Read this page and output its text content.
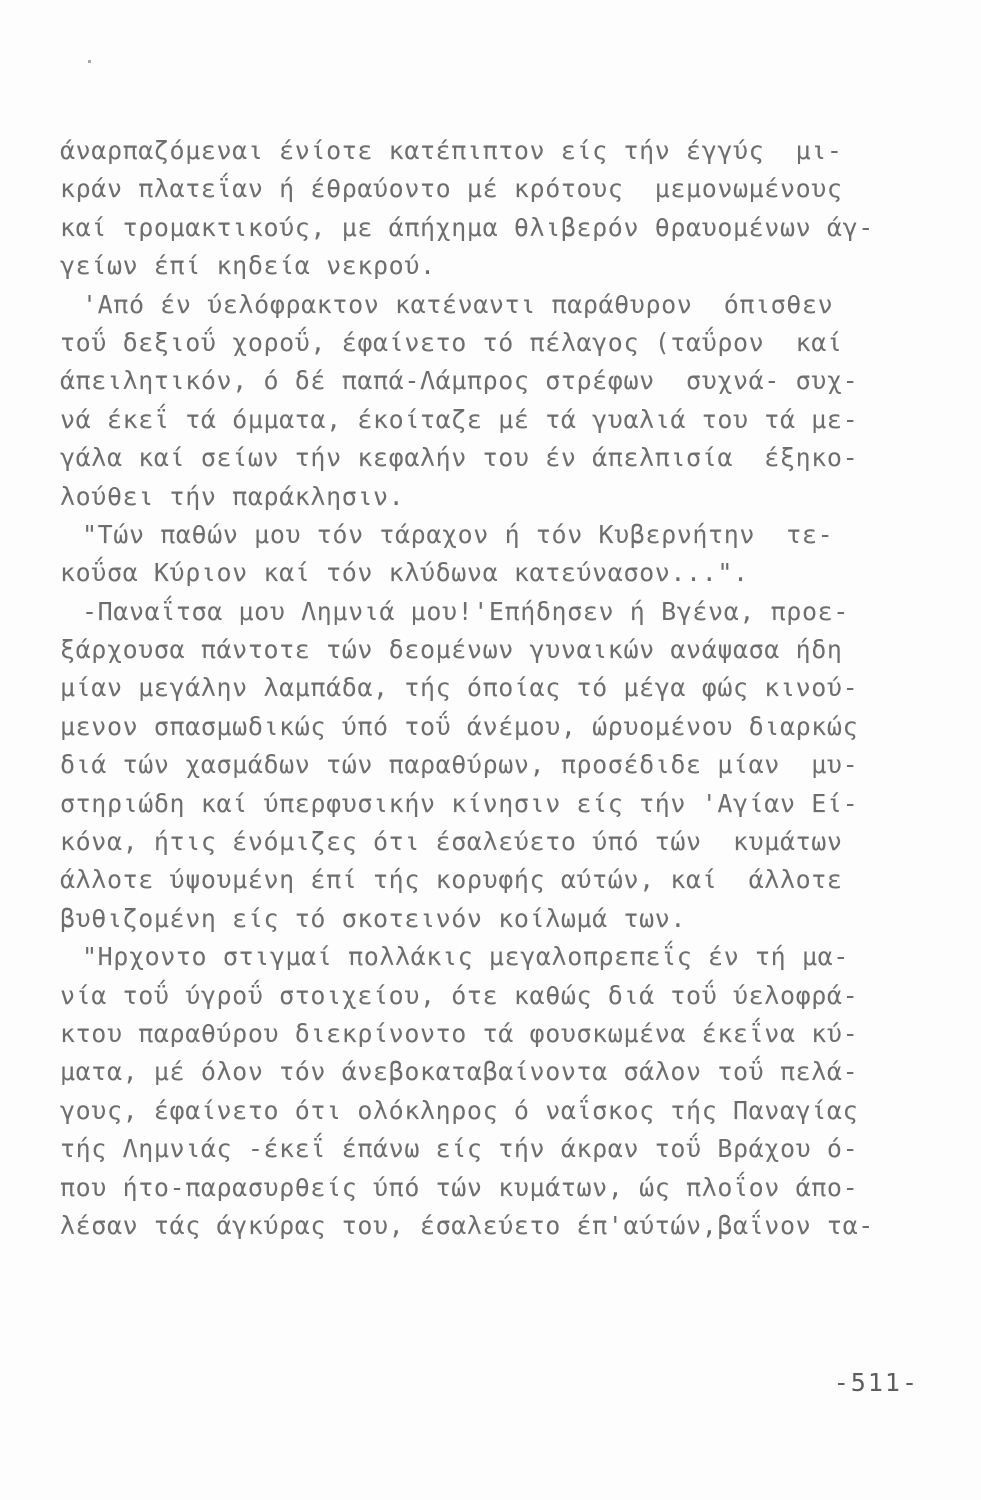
άναρπαζόμεναι ένίοτε κατέπιπτον είς τήν έγγύς  μι-
κράν πλατεΐαν ή έθραύοντο μέ κρότους  μεμονωμένους
καί τρομακτικούς, με άπήχημα θλιβερόν θραυομένων άγ-
γείων έπί κηδεία νεκρού.
'Από έν ύελόφρακτον κατέναντι παράθυρον  όπισθεν
τοΰ δεξιοΰ χοροΰ, έφαίνετο τό πέλαγος (ταΰρον  καί
άπειλητικόν, ό δέ παπά-Λάμπρος στρέφων  συχνά- συχ-
νά έκεΐ τά όμματα, έκοίταζε μέ τά γυαλιά του τά με-
γάλα καί σείων τήν κεφαλήν του έν άπελπισία  έξηκο-
λούθει τήν παράκλησιν.
"Τών παθών μου τόν τάραχον ή τόν Κυβερνήτην  τε-
κοΰσα Κύριον καί τόν κλύδωνα κατεύνασον...".
-Παναΐτσα μου Λημνιά μου!'Επήδησεν ή Βγένα, προε-
ξάρχουσα πάντοτε τών δεομένων γυναικών ανάψασα ήδη
μίαν μεγάλην λαμπάδα, τής όποίας τό μέγα φώς κινού-
μενον σπασμωδικώς ύπό τοΰ άνέμου, ώρυομένου διαρκώς
διά τών χασμάδων τών παραθύρων, προσέδιδε μίαν  μυ-
στηριώδη καί ύπερφυσικήν κίνησιν είς τήν 'Αγίαν Εί-
κόνα, ήτις ένόμιζες ότι έσαλεύετο ύπό τών  κυμάτων
άλλοτε ύψουμένη έπί τής κορυφής αύτών, καί  άλλοτε
βυθιζομένη είς τό σκοτεινόν κοίλωμά των.
"Ηρχοντο στιγμαί πολλάκις μεγαλοπρεπεΐς έν τή μα-
νία τοΰ ύγροΰ στοιχείου, ότε καθώς διά τοΰ ύελοφρά-
κτου παραθύρου διεκρίνοντο τά φουσκωμένα έκεΐνα κύ-
ματα, μέ όλον τόν άνεβοκαταβαίνοντα σάλον τοΰ πελά-
γους, έφαίνετο ότι ολόκληρος ό ναΐσκος τής Παναγίας
τής Λημνιάς -έκεΐ έπάνω είς τήν άκραν τοΰ Βράχου ό-
που ήτο-παρασυρθείς ύπό τών κυμάτων, ώς πλοΐον άπο-
λέσαν τάς άγκύρας του, έσαλεύετο έπ'αύτών,βαΐνον τα-
-511-
